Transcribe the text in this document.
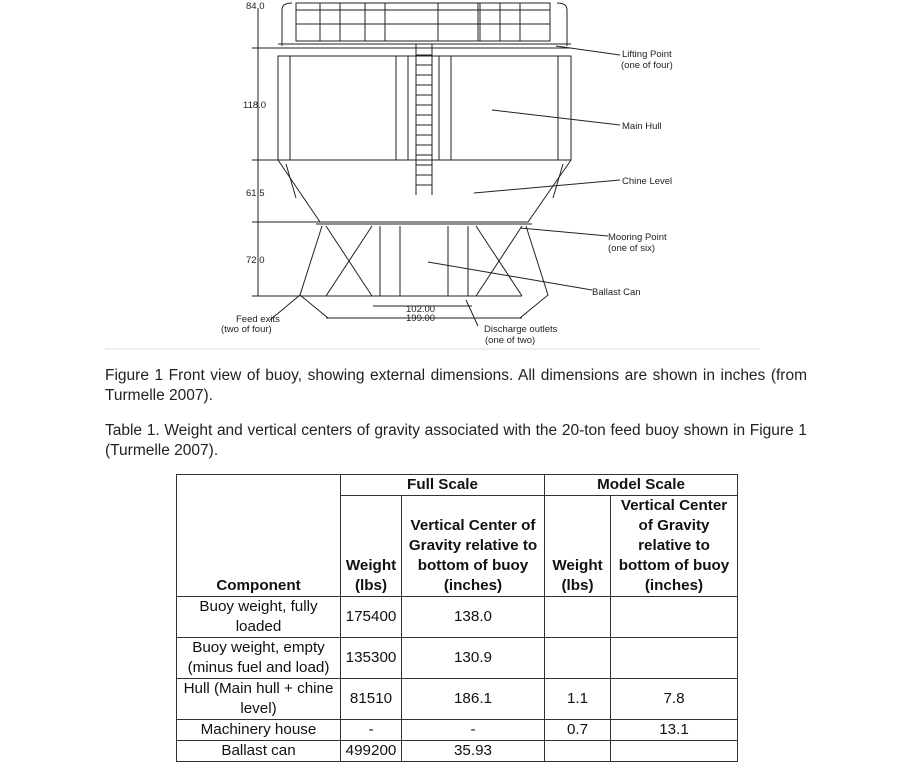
84.0
118.0
61.5
72.0
102.00
199.00
Lifting Point
(one of four)
Main Hull
Chine Level
Mooring Point
(one of six)
Ballast Can
Feed exits
(two of four)	Discharge outlets
(one of two)
Figure 1 Front view of buoy, showing external dimensions. All dimensions are shown in inches (from Turmelle 2007).
Table 1. Weight and vertical centers of gravity associated with the 20-ton feed buoy shown in Figure 1 (Turmelle 2007).
Component	Full Scale		Model Scale	
	Weight (lbs)	Vertical Center of Gravity relative to bottom of buoy (inches)	Weight (lbs)	Vertical Center of Gravity relative to bottom of buoy (inches)
Buoy weight, fully loaded	175400	138.0		
Buoy weight, empty (minus fuel and load)	135300	130.9		
Hull (Main hull + chine level)	81510	186.1	1.1	7.8
Machinery house	-	-	0.7	13.1
Ballast can	499200	35.93		
